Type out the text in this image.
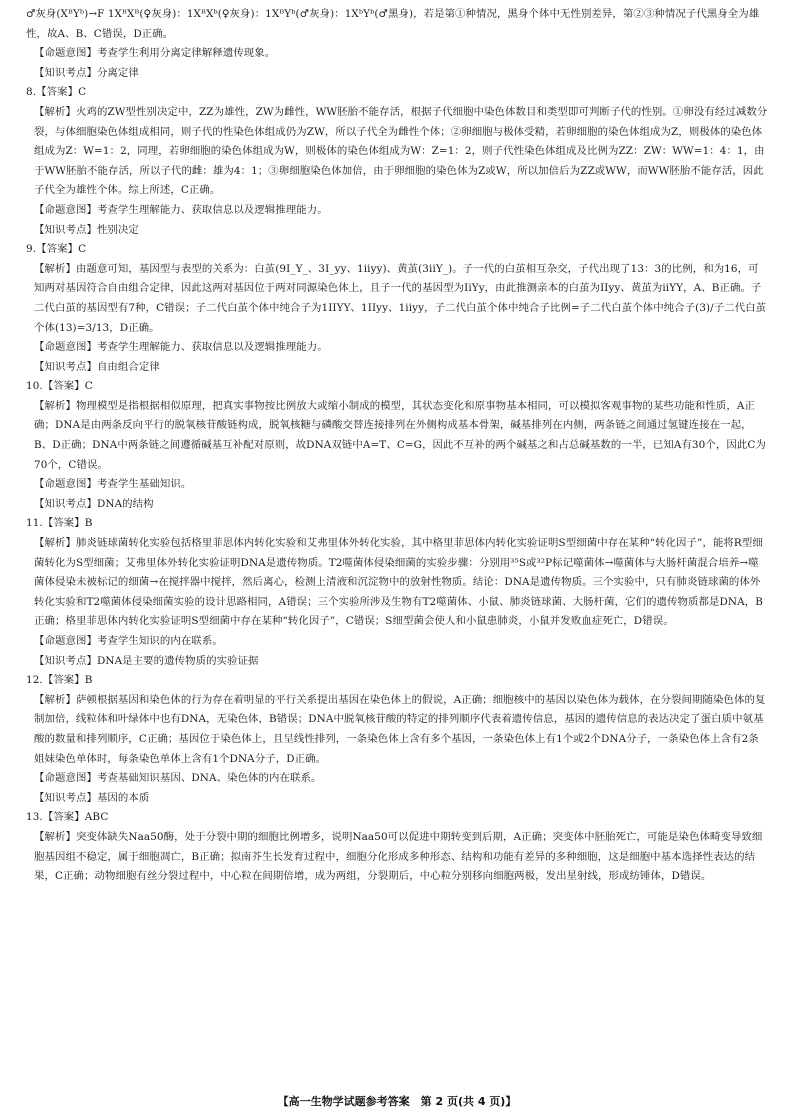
♂灰身(XᴮYᵇ)→F 1XᴮXᴮ(♀灰身)：1XᴮXᵇ(♀灰身)：1XᴮYᵇ(♂灰身)：1XᵇYᵇ(♂黑身)，若是第①种情况，黑身个体中无性别差异，第②③种情况子代黑身全为雄性，故A、B、C错误，D正确。
【命题意图】考查学生利用分离定律解释遗传现象。
【知识考点】分离定律
8.【答案】C
【解析】火鸡的ZW型性别决定中，ZZ为雄性，ZW为雌性，WW胚胎不能存活，根据子代细胞中染色体数目和类型即可判断子代的性别。①卵没有经过减数分裂，与体细胞染色体组成相同，则子代的性染色体组成仍为ZW，所以子代全为雌性个体；②卵细胞与极体受精，若卵细胞的染色体组成为Z，则极体的染色体组成为Z：W=1：2，同理，若卵细胞的染色体组成为W，则极体的染色体组成为W：Z=1：2，则子代性染色体组成及比例为ZZ：ZW：WW=1：4：1，由于WW胚胎不能存活，所以子代的雌：雄为4：1；③卵细胞染色体加倍，由于卵细胞的染色体为Z或W，所以加倍后为ZZ或WW，而WW胚胎不能存活，因此子代全为雄性个体。综上所述，C正确。
【命题意图】考查学生理解能力、获取信息以及逻辑推理能力。
【知识考点】性别决定
9.【答案】C
【解析】由题意可知，基因型与表型的关系为：白茧(9I_Y_、3I_yy、1iiyy)、黄茧(3iiY_)。子一代的白茧相互杂交，子代出现了13：3的比例，和为16，可知两对基因符合自由组合定律，因此这两对基因位于两对同源染色体上，且子一代的基因型为IiYy，由此推测亲本的白茧为IIyy、黄茧为iiYY，A、B正确。子二代白茧的基因型有7种，C错误；子二代白茧个体中纯合子为1IIYY、1IIyy、1iiyy，子二代白茧个体中纯合子比例=子二代白茧个体中纯合子(3)/子二代白茧个体(13)=3/13，D正确。
【命题意图】考查学生理解能力、获取信息以及逻辑推理能力。
【知识考点】自由组合定律
10.【答案】C
【解析】物理模型是指根据相似原理，把真实事物按比例放大或缩小制成的模型，其状态变化和原事物基本相同，可以模拟客观事物的某些功能和性质，A正确；DNA是由两条反向平行的脱氧核苷酸链构成，脱氧核糖与磷酸交替连接排列在外侧构成基本骨架，碱基排列在内侧，两条链之间通过氢键连接在一起，B、D正确；DNA中两条链之间遵循碱基互补配对原则，故DNA双链中A=T、C=G，因此不互补的两个碱基之和占总碱基数的一半，已知A有30个，因此C为70个，C错误。
【命题意图】考查学生基础知识。
【知识考点】DNA的结构
11.【答案】B
【解析】肺炎链球菌转化实验包括格里菲思体内转化实验和艾弗里体外转化实验，其中格里菲思体内转化实验证明S型细菌中存在某种“转化因子”，能将R型细菌转化为S型细菌；艾弗里体外转化实验证明DNA是遗传物质。T2噬菌体侵染细菌的实验步骤：分别用³⁵S或³²P标记噬菌体→噬菌体与大肠杆菌混合培养→噬菌体侵染未被标记的细菌→在搅拌器中搅拌，然后离心，检测上清液和沉淀物中的放射性物质。结论：DNA是遗传物质。三个实验中，只有肺炎链球菌的体外转化实验和T2噬菌体侵染细菌实验的设计思路相同，A错误；三个实验所涉及生物有T2噬菌体、小鼠、肺炎链球菌、大肠杆菌，它们的遗传物质都是DNA，B正确；格里菲思体内转化实验证明S型细菌中存在某种“转化因子”，C错误；S细型菌会使人和小鼠患肺炎，小鼠并发败血症死亡，D错误。
【命题意图】考查学生知识的内在联系。
【知识考点】DNA是主要的遗传物质的实验证据
12.【答案】B
【解析】萨顿根据基因和染色体的行为存在着明显的平行关系提出基因在染色体上的假说，A正确；细胞核中的基因以染色体为载体，在分裂间期随染色体的复制加倍，线粒体和叶绿体中也有DNA，无染色体，B错误；DNA中脱氧核苷酸的特定的排列顺序代表着遗传信息，基因的遗传信息的表达决定了蛋白质中氨基酸的数量和排列顺序，C正确；基因位于染色体上，且呈线性排列，一条染色体上含有多个基因，一条染色体上有1个或2个DNA分子，一条染色体上含有2条姐妹染色单体时，每条染色单体上含有1个DNA分子，D正确。
【命题意图】考查基础知识基因、DNA、染色体的内在联系。
【知识考点】基因的本质
13.【答案】ABC
【解析】突变体缺失Naa50酶，处于分裂中期的细胞比例增多，说明Naa50可以促进中期转变到后期，A正确；突变体中胚胎死亡，可能是染色体畸变导致细胞基因组不稳定，属于细胞凋亡，B正确；拟南芥生长发育过程中，细胞分化形成多种形态、结构和功能有差异的多种细胞，这是细胞中基本选择性表达的结果，C正确；动物细胞有丝分裂过程中，中心粒在间期倍增，成为两组，分裂期后，中心粒分别移向细胞两极，发出星射线，形成纺锤体，D错误。
【高一生物学试题参考答案　第 2 页(共 4 页)】
